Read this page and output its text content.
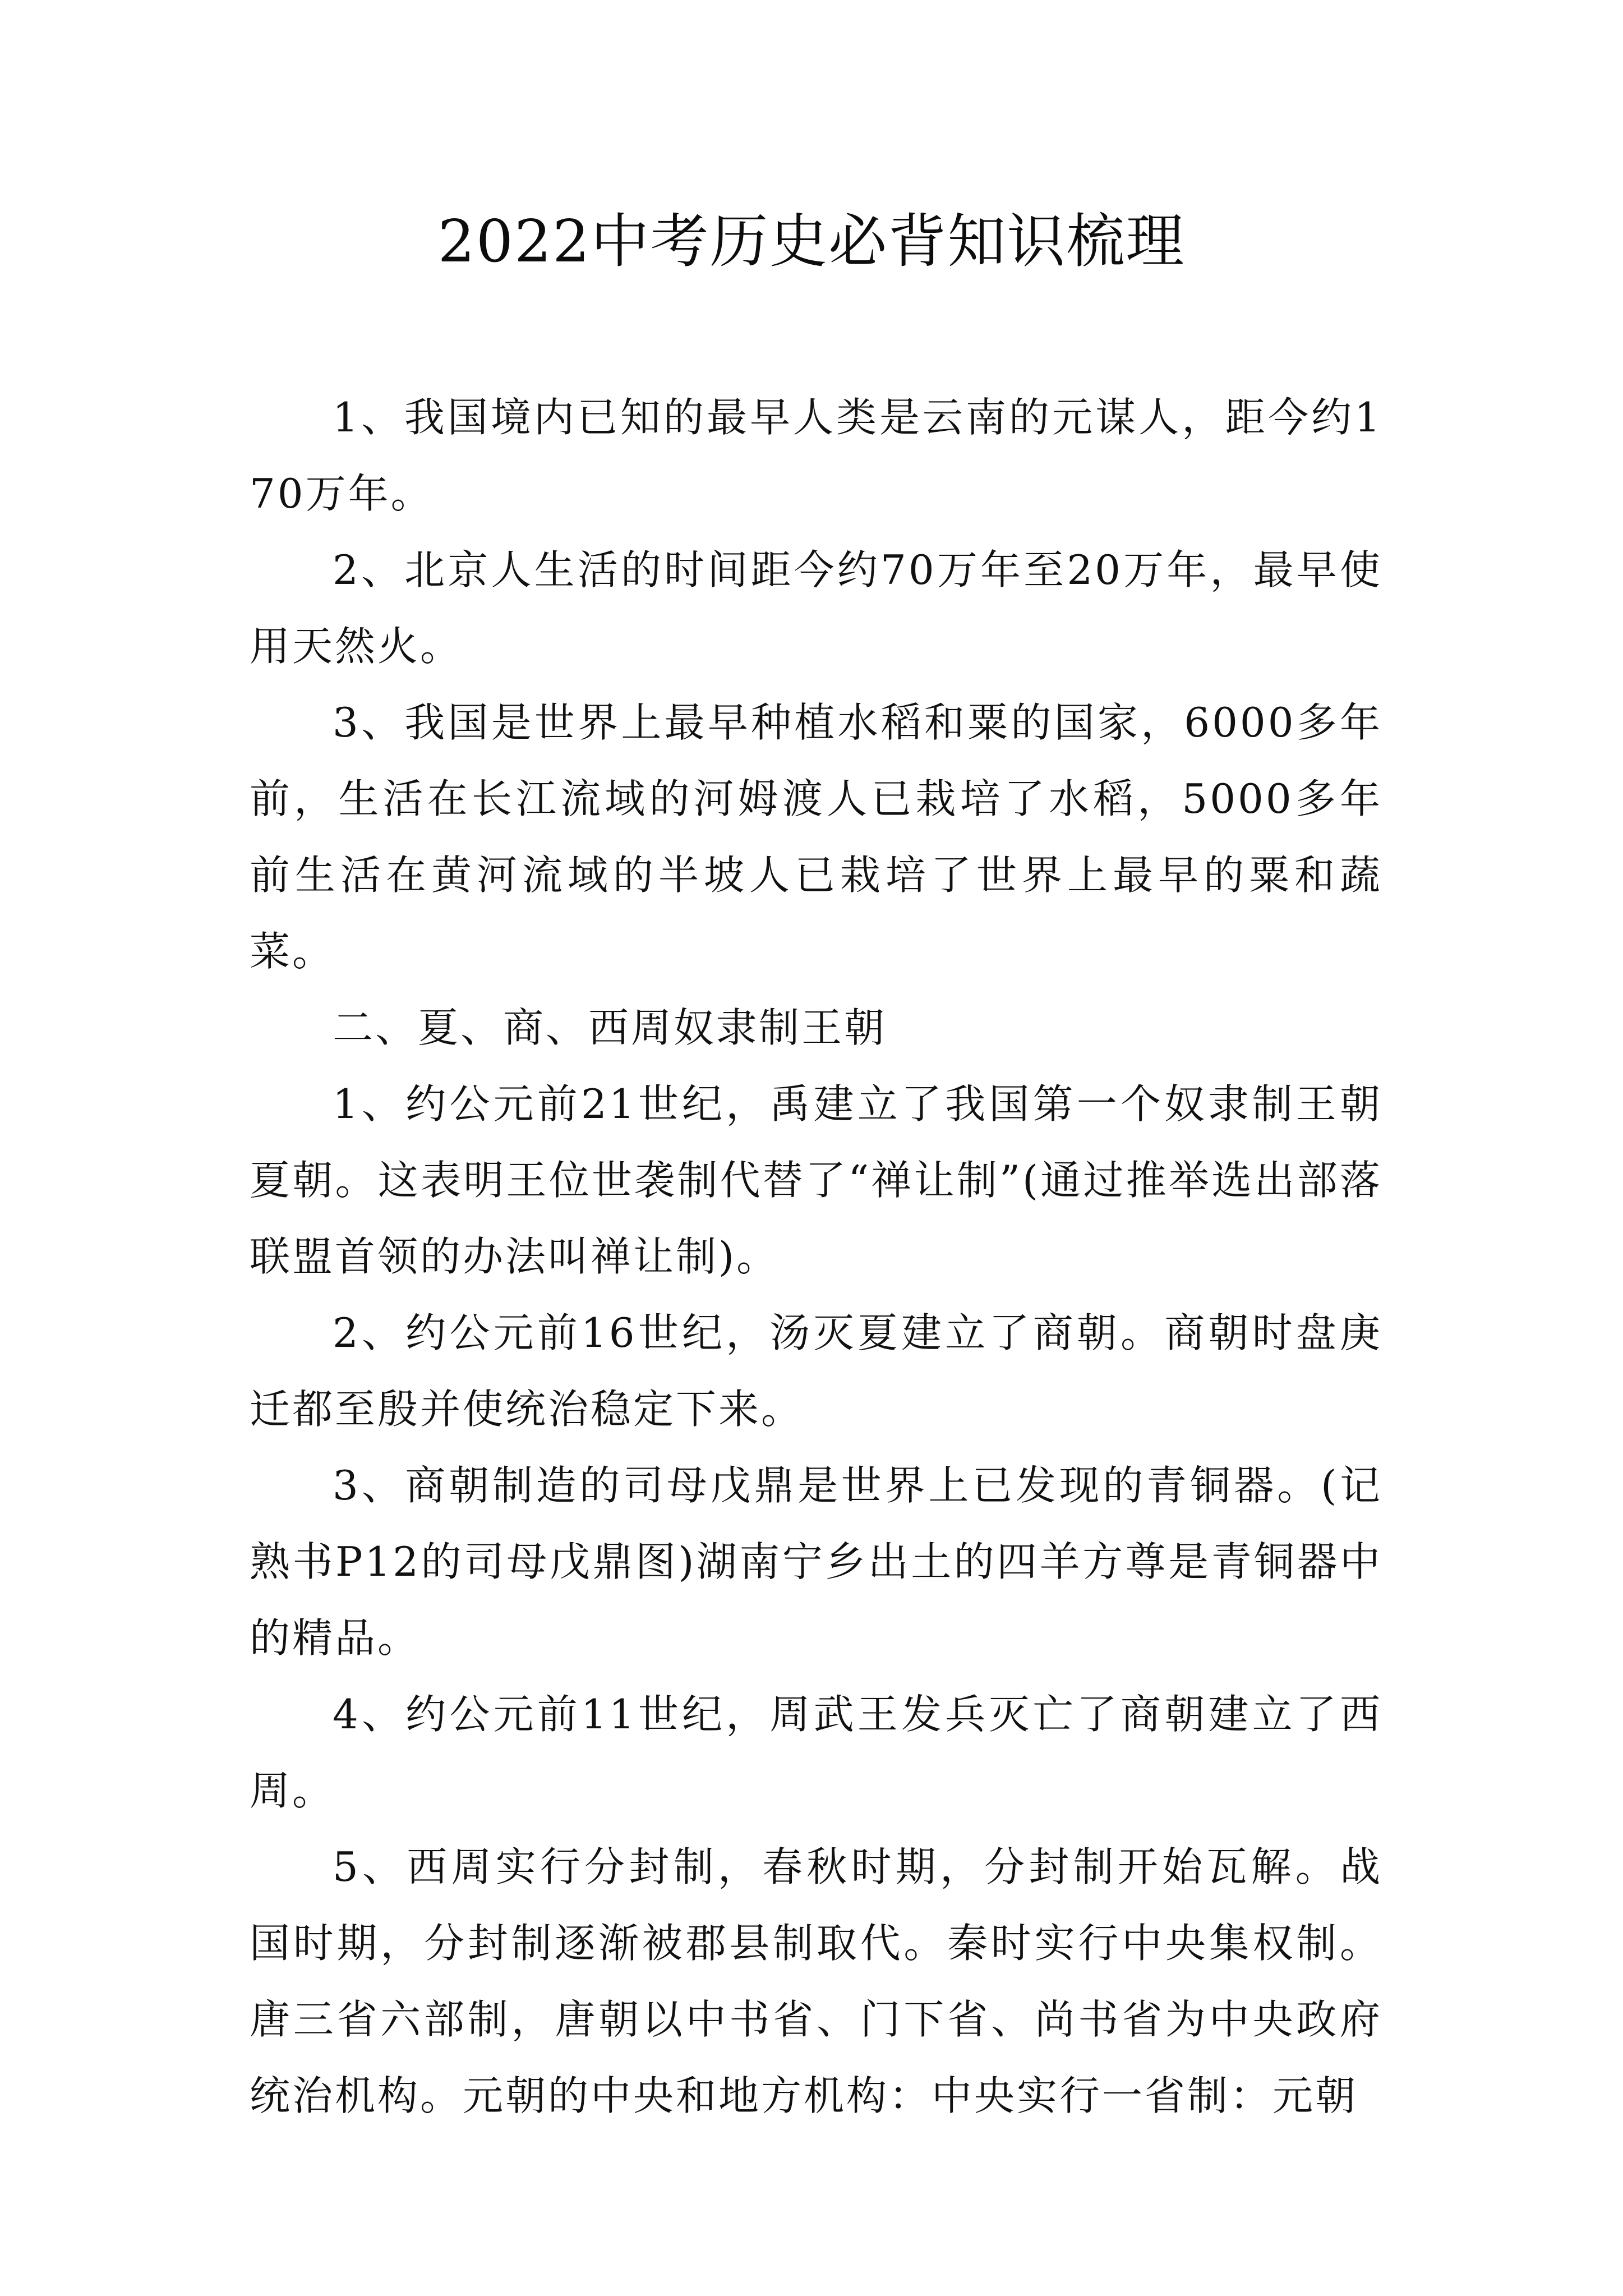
2022中考历史必背知识梳理

1、我国境内已知的最早人类是云南的元谋人，距今约170万年。

2、北京人生活的时间距今约70万年至20万年，最早使用天然火。

3、我国是世界上最早种植水稻和粟的国家，6000多年前，生活在长江流域的河姆渡人已栽培了水稻，5000多年前生活在黄河流域的半坡人已栽培了世界上最早的粟和蔬菜。

二、夏、商、西周奴隶制王朝

1、约公元前21世纪，禹建立了我国第一个奴隶制王朝夏朝。这表明王位世袭制代替了“禅让制”(通过推举选出部落联盟首领的办法叫禅让制)。

2、约公元前16世纪，汤灭夏建立了商朝。商朝时盘庚迁都至殷并使统治稳定下来。

3、商朝制造的司母戊鼎是世界上已发现的青铜器。(记熟书P12的司母戊鼎图)湖南宁乡出土的四羊方尊是青铜器中的精品。

4、约公元前11世纪，周武王发兵灭亡了商朝建立了西周。

5、西周实行分封制，春秋时期，分封制开始瓦解。战国时期，分封制逐渐被郡县制取代。秦时实行中央集权制。唐三省六部制，唐朝以中书省、门下省、尚书省为中央政府统治机构。元朝的中央和地方机构：中央实行一省制：元朝
